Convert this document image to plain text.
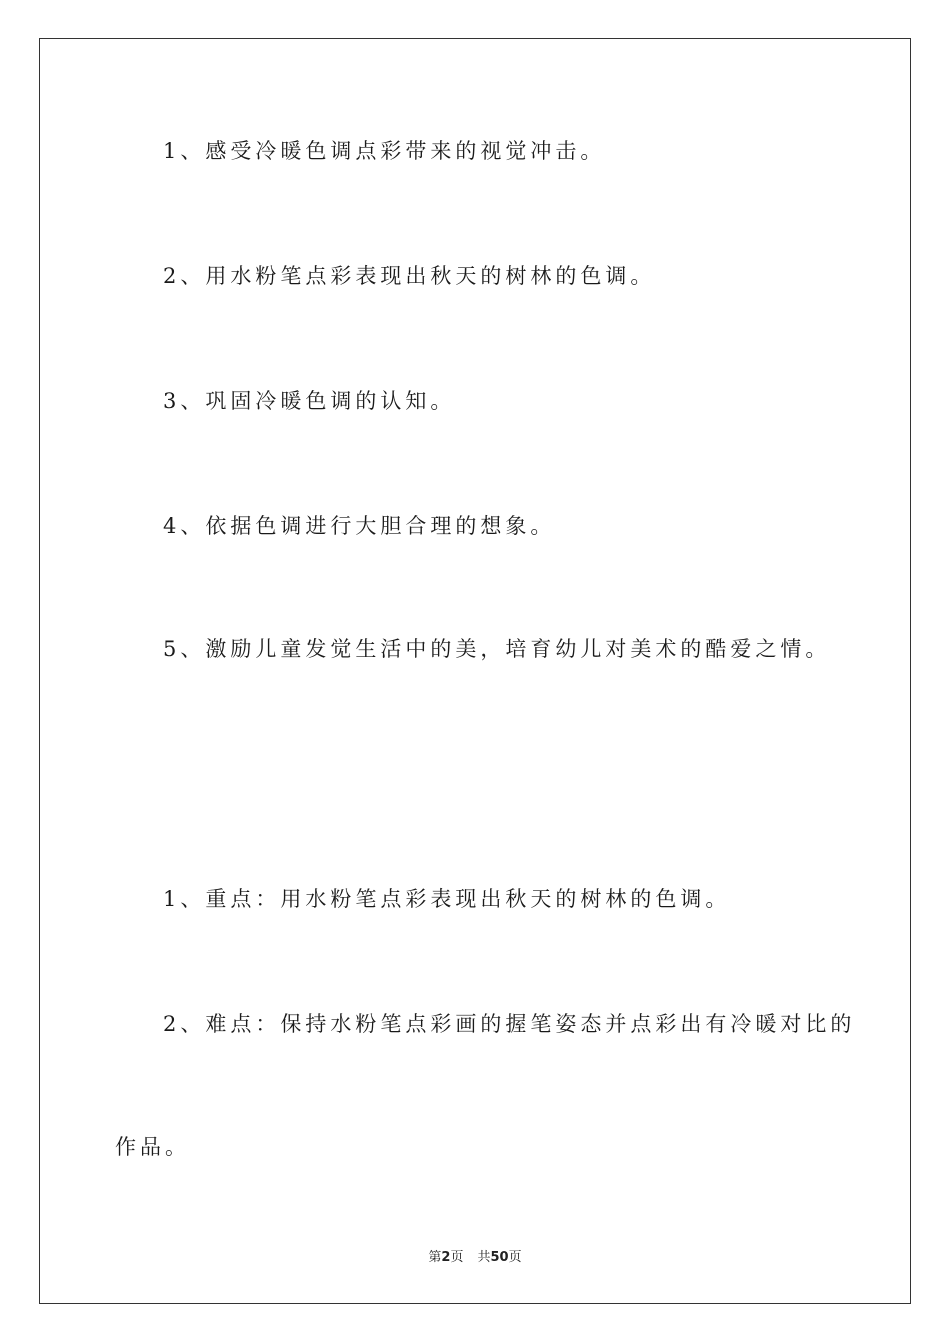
1、感受冷暖色调点彩带来的视觉冲击。

2、用水粉笔点彩表现出秋天的树林的色调。

3、巩固冷暖色调的认知。

4、依据色调进行大胆合理的想象。

5、激励儿童发觉生活中的美，培育幼儿对美术的酷爱之情。

1、重点：用水粉笔点彩表现出秋天的树林的色调。

2、难点：保持水粉笔点彩画的握笔姿态并点彩出有冷暖对比的

作品。

第2页 共50页
